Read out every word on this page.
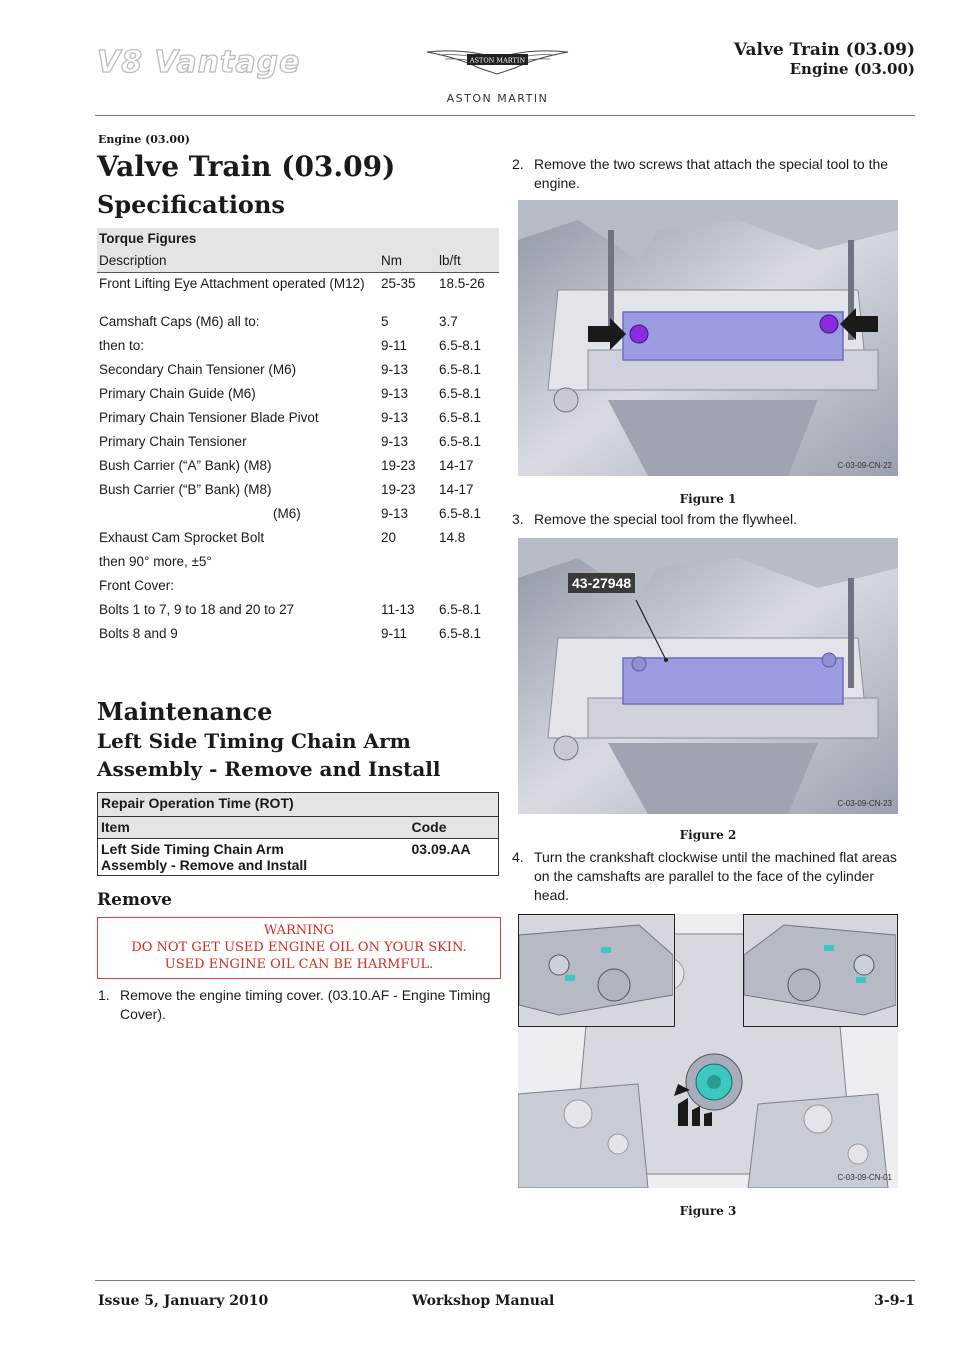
V8 Vantage	ASTON MARTIN
ASTON MARTIN
Valve Train (03.09)
Engine (03.00)
Engine (03.00)
Valve Train (03.09)
Specifications
Torque Figures		
Description	Nm	lb/ft
Front Lifting Eye Attachment operated (M12)	25-35	18.5-26
Camshaft Caps (M6) all to:	5	3.7
then to:	9-11	6.5-8.1
Secondary Chain Tensioner (M6)	9-13	6.5-8.1
Primary Chain Guide (M6)	9-13	6.5-8.1
Primary Chain Tensioner Blade Pivot	9-13	6.5-8.1
Primary Chain Tensioner	9-13	6.5-8.1
Bush Carrier (“A” Bank) (M8)	19-23	14-17
Bush Carrier (“B” Bank) (M8)	19-23	14-17
(M6)	9-13	6.5-8.1
Exhaust Cam Sprocket Bolt	20	14.8
then 90° more, ±5°		
Front Cover:		
Bolts 1 to 7, 9 to 18 and 20 to 27	11-13	6.5-8.1
Bolts 8 and 9	9-11	6.5-8.1
Maintenance
Left Side Timing Chain Arm Assembly - Remove and Install
Repair Operation Time (ROT)	
Item	Code
Left Side Timing Chain Arm Assembly - Remove and Install	03.09.AA
Remove
WARNING
DO NOT GET USED ENGINE OIL ON YOUR SKIN. USED ENGINE OIL CAN BE HARMFUL.
1. Remove the engine timing cover. (03.10.AF - Engine Timing Cover).
2. Remove the two screws that attach the special tool to the engine.
C-03-09-CN-22
Figure 1
3. Remove the special tool from the flywheel.
43-27948
C-03-09-CN-23
Figure 2
4. Turn the crankshaft clockwise until the machined flat areas on the camshafts are parallel to the face of the cylinder head.
C-03-09-CN-01
Figure 3
Issue 5, January 2010	Workshop Manual	3-9-1
